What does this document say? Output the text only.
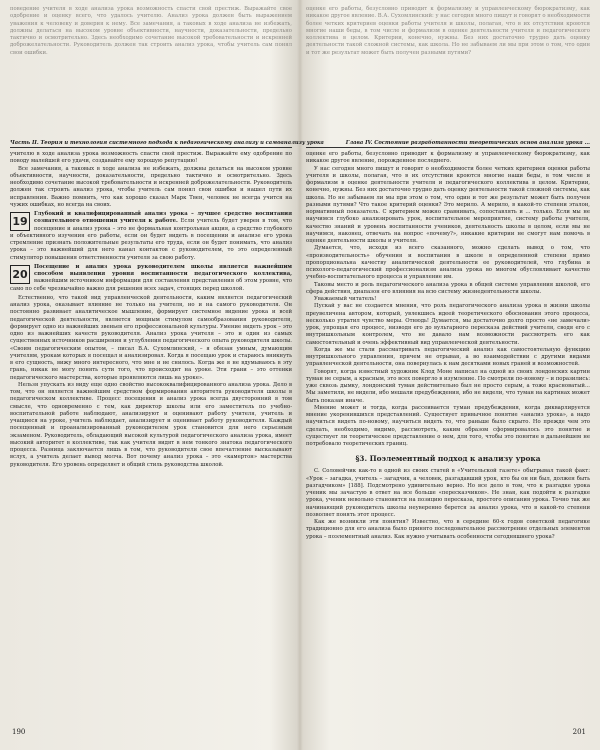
поведение учителя в ходе анализа урока возможность спасти свой престиж. Выражайте свое одобрение и оценку всего, что удалось учителю. Анализ урока должен быть выражением уважения к человеку и доверия к нему. Все замечания, а таковых в ходе анализа не избежать, должны делаться на высоком уровне объективности, научности, доказательности, предельно тактично и осмотрительно. Здесь необходимо сочетание высокой требовательности и искренней доброжелательности. Руководитель должен так строить анализ урока, чтобы учитель сам понял свои ошибки.
Часть II. Теория и технология системного подхода к педагогическому анализу и самоанализу урока

учителю в ходе анализа урока возможность спасти свой престиж. Выражайте ему одобрение по поводу малейшей его удачи, создавайте ему хорошую репутацию!

Все замечания, а таковых в ходе анализа не избежать, должны делаться на высоком уровне объективности, научности, доказательности, предельно тактично и осмотрительно. Здесь необходимо сочетание высокой требовательности и искренней доброжелательности. Руководитель должен так строить анализ урока, чтобы учитель сам понял свои ошибки и нашел пути их исправления. Важно помнить, что как хорошо сказал Марк Твен, человек не всегда учится на чужих ошибках, но всегда на своих.

19
Глубокий и квалифицированный анализ урока – лучшее средство воспитания сознательного отношения учителя к работе. Если учитель будет уверен в том, что посещение и анализ урока – это не формальная контрольная акция, а средство глубокого и объективного изучения его работы, если он будет видеть в посещении и анализе его урока стремление признать положительные результаты его труда, если он будет понимать, что анализ урока – это важнейший для него канал контактов с руководителем, то это определенный стимулятор повышения ответственности учителя за свою работу.
20
Посещение и анализ урока руководителем школы является важнейшим способом выявления уровня воспитанности педагогического коллектива, важнейшим источником информации для составления представления об этом уровне, что само по себе чрезвычайно важно для решения всех задач, стоящих перед школой.

Естественно, что такой вид управленческой деятельности, каким является педагогический анализ урока, оказывает влияние не только на учителя, но и на самого руководителя. Он постоянно развивает аналитическое мышление, формирует системное видение урока и всей педагогической деятельности, является мощным стимулом самообразования руководителя, формирует одно из важнейших звеньев его профессиональной культуры. Умение видеть урок – это одно из важнейших качеств руководителя. Анализ урока учителя – это и один из самых существенных источников расширения и углубления педагогического опыта руководителя школы. «Своим педагогическим опытом, – писал В.А. Сухомлинский, – я обязан умным, думающим учителям, урокам которых я посещал и анализировал. Когда я посещаю урок и стараюсь вникнуть в его сущность, вижу много интересного, что мне и не снилось. Когда же я не вдумываюсь в эту грань, никак не могу понять сути того, что происходит на уроке. Эти грани – это оттенки педагогического мастерства, которые проявляются лишь на уроке».

Нельзя упускать из виду еще одно свойство высококвалифицированного анализа урока. Дело в том, что он является важнейшим средством формирования авторитета руководителя школы в педагогическом коллективе. Процесс посещения и анализ урока всегда двусторонний в том смысле, что одновременно с тем, как директор школы или его заместитель по учебно-воспитательной работе наблюдают, анализируют и оценивают работу учителя, учитель и учащиеся на уроке, учитель наблюдает, анализирует и оценивает работу руководителя. Каждый посещенный и проанализированный руководителем урок становится для него серьезным экзаменом. Руководитель, обладающий высокой культурой педагогического анализа урока, имеет высокий авторитет в коллективе, так как учителя видят в нем тонкого знатока педагогического процесса. Разница заключается лишь в том, что руководители свое впечатление высказывают вслух, а учитель делает вывод молча. Вот почему анализ урока – это «камертон» мастерства руководителя. Его уровень определяет и общий стиль руководства школой.

190
оценке его работы, безусловно приводит к формализму и управленческому бюрократизму, как никакое другое явление. В.А. Сухомлинский: у нас сегодня много пишут и говорят о необходимости более четких критериев оценки работы учителя и школы, полагая, что в их отсутствии кроются многие наши беды, в том числе и формализм в оценке деятельности учителя и педагогического коллектива в целом. Критерии, конечно, нужны. Без них достаточно трудно дать оценку деятельности такой сложной системы, как школа. Но не забываем ли мы при этом о том, что один и тот же результат может быть получен разными путями?
Глава IV. Состояние разработанности теоретических основ анализа урока ...

оценке его работы, безусловно приводит к формализму и управленческому бюрократизму, как никакое другое явление, порожденное последнего.

У нас сегодня много пишут и говорят о необходимости более четких критериев оценки работы учителя и школы, полагая, что в их отсутствии кроются многие наши беды, в том числе и формализм в оценке деятельности учителя и педагогического коллектива в целом. Критерии, конечно, нужны. Без них достаточно трудно дать оценку деятельности такой сложной системы, как школа. Но не забываем ли мы при этом о том, что один и тот же результат может быть получен разными путями? Что такое критерий оценки? Это мерило. А мерило, в какой-то степени эталон, нормативный показатель. С критерием можно сравнивать, сопоставлять и ... только. Если мы не научимся глубоко анализировать урок, воспитательное мероприятие, систему работы учителя, качество знаний и уровень воспитанности учеников, деятельность школы в целом, если мы не научимся, наконец, отвечать на вопрос «почему?», никакие критерии не смогут нам помочь в оценке деятельности школы и учителя.

Думается, что, исходя из всего сказанного, можно сделать вывод о том, что «производительность» обучения и воспитания в школе в определенной степени прямо пропорциональна качеству аналитической деятельности ее руководителей, что глубина и психолого-педагогический профессионализм анализа урока во многом обусловливает качество учебно-воспитательного процесса и управление им.

Таковы место и роль педагогического анализа урока в общей системе управления школой, его сфера действия, диапазон его влияния на всю систему жизнедеятельности школы.

Уважаемый читатель!

Пускай у вас не создается мнения, что роль педагогического анализа урока в жизни школы преувеличена автором, который, увлекшись идеей теоретического обоснования этого процесса, несколько утратил чувство меры. Отнюдь! Думается, мы достаточно долго просто «не замечали» урок, упрощая его процесс, низводя его до вульгарного пересказа действий учителя, сводя его с внутришкольным контролем, что не давало нам возможности рассмотреть его как самостоятельный и очень эффективный вид управленческой деятельности.

Когда же мы стали рассматривать педагогический анализ как самостоятельную функцию внутришкольного управления, причем не отрывая, а во взаимодействии с другими видами управленческой деятельности, она повернулась к нам десятками новых граней и возможностей.

Говорят, когда известный художник Клод Моне написал на одной из своих лондонских картин туман не серым, а красным, это всех повергло в изумление. По смотрели по-новому – и поразились: уже сквозь дымку, лондонский туман действительно был не просто серым, а тоже красноватый... Мы заметили, не видели, ибо мешали предубеждения, ибо не видели, что туман на картинах может быть показан иначе.

Мнение может и тогда, когда рассеивается туман предубеждения, когда дикварлируется мнение укоренившихся представлений. Существует привычное понятие «анализ урока», а надо научиться видеть по-новому, научиться видеть то, что раньше было скрыто. Но прежде чем это сделать, необходимо, видимо, рассмотреть, каким образом сформировалось это понятие и существует ли теоретическое представление о нем, для того, чтобы это понятие в дальнейшем не потребовало теоретических границ.

§3. Поэлементный подход к анализу урока

С. Соловейчик как-то в одной из своих статей в «Учительской газете» обыгрывал такой факт: «Урок – загадка, учитель – загадчик, а человек, разгадавший урок, кто бы он ни был, должен быть разгадчиком» [188]. Подсмотрено удивительно верно. Но все дело в том, что к разгадке урока ученик мы зачастую в ответ на все больше «пересказчиков». Не зная, как подойти к разгадке урока, ученик невольно становится на позицию пересказа, простого описания урока. Точно так же начинающий руководитель школы неуверенно берется за анализ урока, что в какой-то степени позволяет понять этот процесс.

Как же возникли эти понятия? Известно, что в середине 60-х годов советской педагогике традиционно для его анализа было принято последовательное рассмотрение отдельных элементов урока – поэлементный анализ. Как нужно учитывать особенности сегодняшнего урока?

201
